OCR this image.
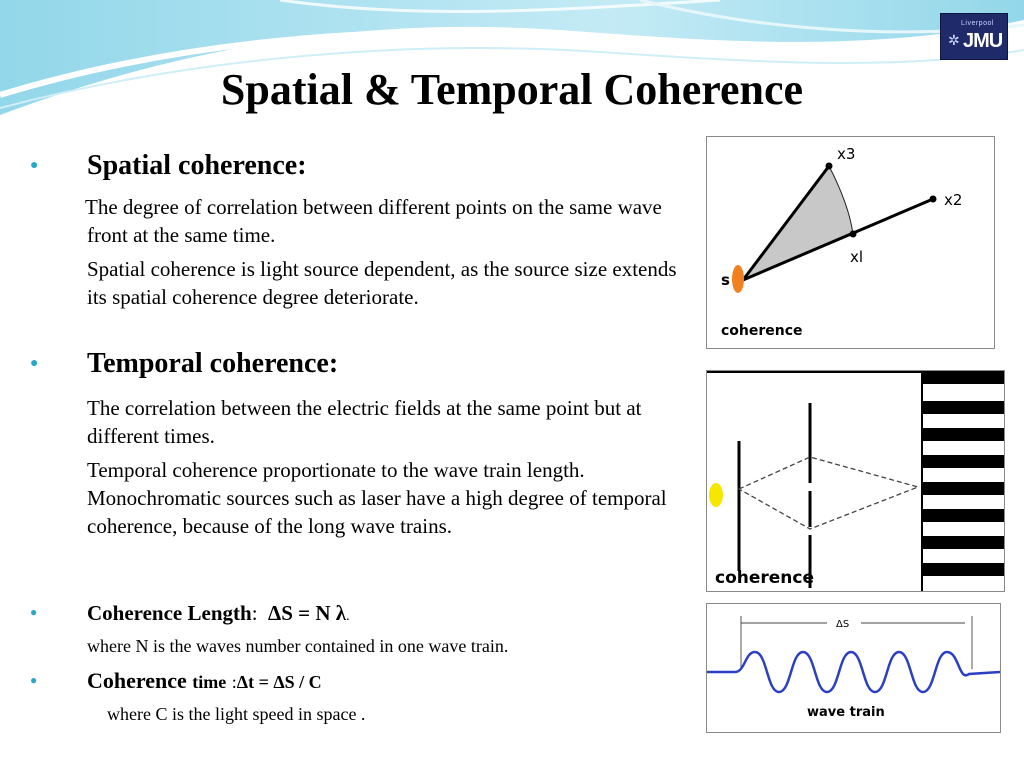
Liverpool
✲ JMU
Spatial & Temporal Coherence
● Spatial coherence:
The degree of correlation between different points on the same wave front at the same time.
Spatial coherence is light source dependent, as the source size extends its spatial coherence degree deteriorate.
● Temporal coherence:
The correlation between the electric fields at the same point but at different times.
Temporal coherence proportionate to the wave train length. Monochromatic sources such as laser have a high degree of temporal coherence, because of the long wave trains.
● Coherence Length: ΔS = N λ.
where N is the waves number contained in one wave train.
● Coherence time :Δt = ΔS / C
where C is the light speed in space .
x3
x2
xl
s
coherence
coherence
ΔS
wave train
